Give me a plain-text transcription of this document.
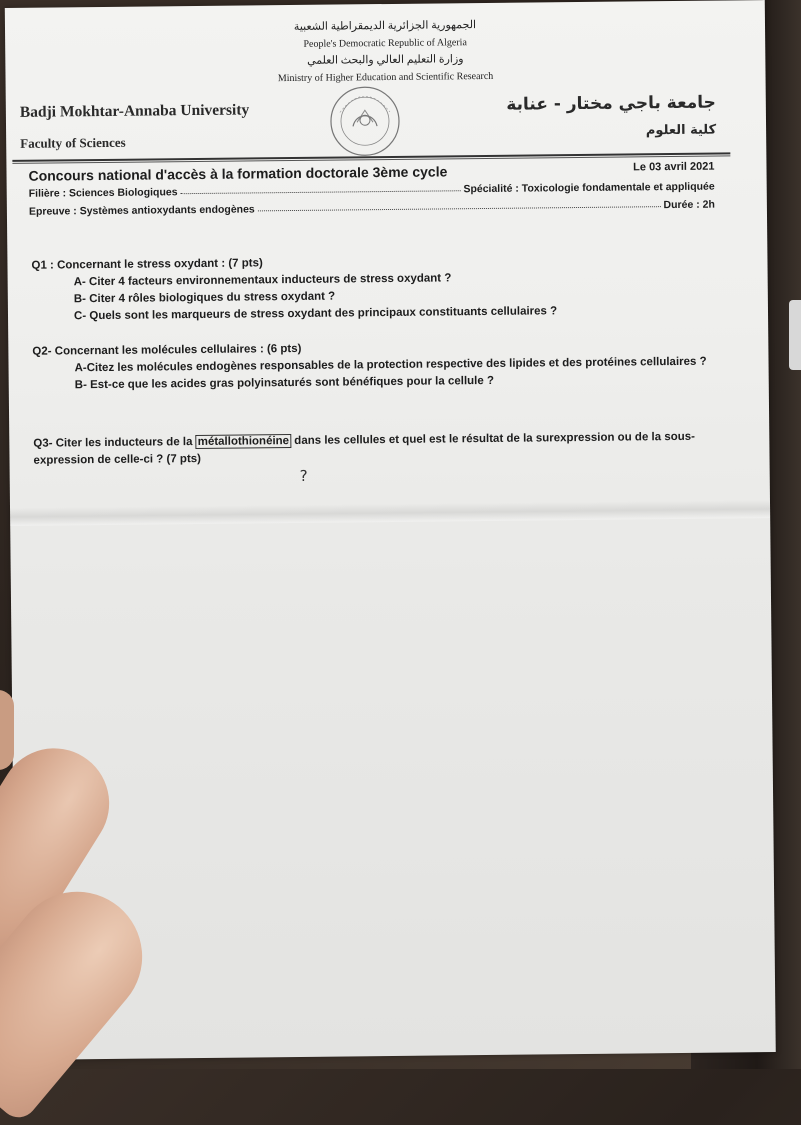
الجمهورية الجزائرية الديمقراطية الشعبية
People's Democratic Republic of Algeria
وزارة التعليم العالي والبحث العلمي
Ministry of Higher Education and Scientific Research
Badji Mokhtar-Annaba University
Faculty of Sciences
جامعة باجي مختار - عنابة
كلية العلوم
Concours national d'accès à la formation doctorale 3ème cycle	Le 03 avril 2021
Filière : Sciences Biologiques	Spécialité : Toxicologie fondamentale et appliquée
Epreuve : Systèmes antioxydants endogènes	Durée : 2h
Q1 : Concernant le stress oxydant : (7 pts)
A- Citer 4 facteurs environnementaux inducteurs de stress oxydant ?
B- Citer 4 rôles biologiques du stress oxydant ?
C- Quels sont les marqueurs de stress oxydant des principaux constituants cellulaires ?
Q2- Concernant les molécules cellulaires : (6 pts)
A-Citez les molécules endogènes responsables de la protection respective des lipides et des protéines cellulaires ?
B- Est-ce que les acides gras polyinsaturés sont bénéfiques pour la cellule ?
Q3- Citer les inducteurs de la métallothionéine dans les cellules et quel est le résultat de la surexpression ou de la sous-expression de celle-ci ? (7 pts)
?
